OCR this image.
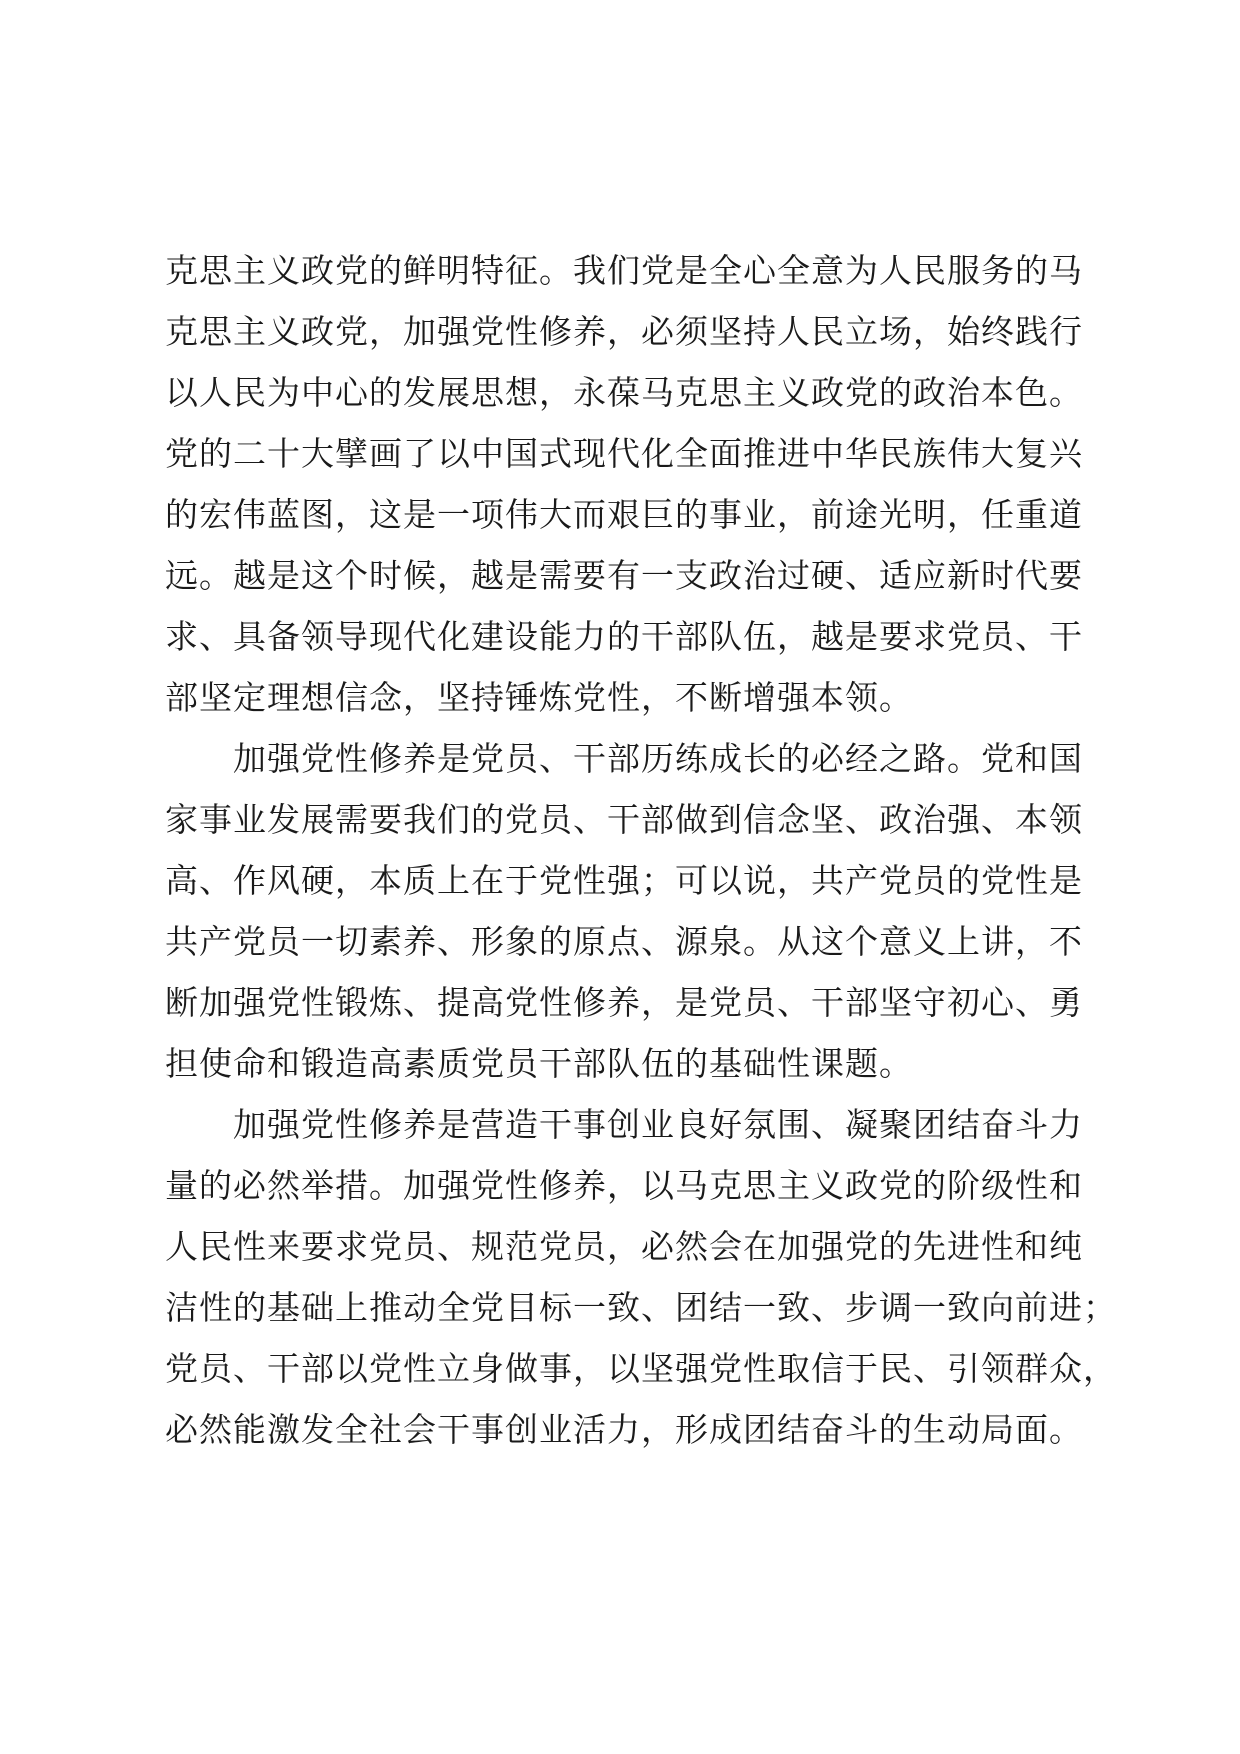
克思主义政党的鲜明特征。我们党是全心全意为人民服务的马
克思主义政党，加强党性修养，必须坚持人民立场，始终践行
以人民为中心的发展思想，永葆马克思主义政党的政治本色。
党的二十大擘画了以中国式现代化全面推进中华民族伟大复兴
的宏伟蓝图，这是一项伟大而艰巨的事业，前途光明，任重道
远。越是这个时候，越是需要有一支政治过硬、适应新时代要
求、具备领导现代化建设能力的干部队伍，越是要求党员、干
部坚定理想信念，坚持锤炼党性，不断增强本领。
　　加强党性修养是党员、干部历练成长的必经之路。党和国
家事业发展需要我们的党员、干部做到信念坚、政治强、本领
高、作风硬，本质上在于党性强；可以说，共产党员的党性是
共产党员一切素养、形象的原点、源泉。从这个意义上讲，不
断加强党性锻炼、提高党性修养，是党员、干部坚守初心、勇
担使命和锻造高素质党员干部队伍的基础性课题。
　　加强党性修养是营造干事创业良好氛围、凝聚团结奋斗力
量的必然举措。加强党性修养，以马克思主义政党的阶级性和
人民性来要求党员、规范党员，必然会在加强党的先进性和纯
洁性的基础上推动全党目标一致、团结一致、步调一致向前进；
党员、干部以党性立身做事，以坚强党性取信于民、引领群众，
必然能激发全社会干事创业活力，形成团结奋斗的生动局面。
